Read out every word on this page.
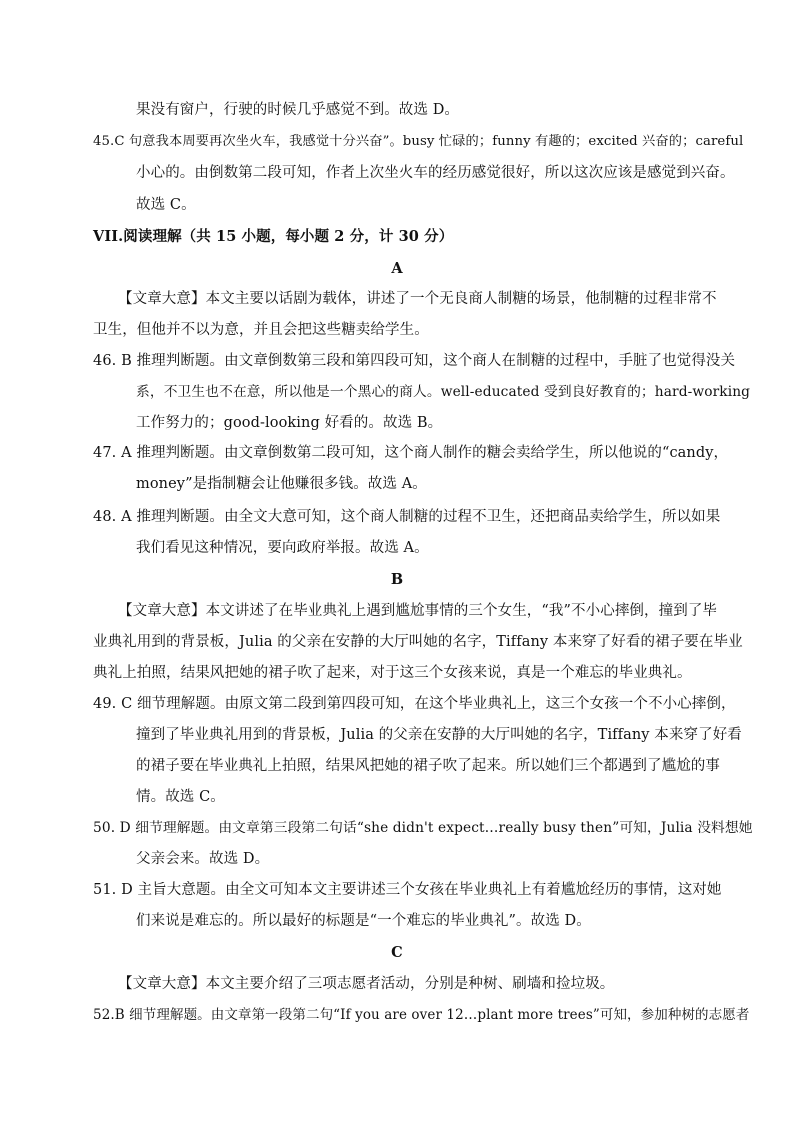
果没有窗户，行驶的时候几乎感觉不到。故选 D。
45.C 句意我本周要再次坐火车，我感觉十分兴奋”。busy 忙碌的；funny 有趣的；excited 兴奋的；careful
小心的。由倒数第二段可知，作者上次坐火车的经历感觉很好，所以这次应该是感觉到兴奋。
故选 C。
VII.阅读理解（共 15 小题，每小题 2 分，计 30 分）
A
【文章大意】本文主要以话剧为载体，讲述了一个无良商人制糖的场景，他制糖的过程非常不
卫生，但他并不以为意，并且会把这些糖卖给学生。
46. B 推理判断题。由文章倒数第三段和第四段可知，这个商人在制糖的过程中，手脏了也觉得没关
系，不卫生也不在意，所以他是一个黑心的商人。well-educated 受到良好教育的；hard-working
工作努力的；good-looking 好看的。故选 B。
47. A 推理判断题。由文章倒数第二段可知，这个商人制作的糖会卖给学生，所以他说的“candy，
money”是指制糖会让他赚很多钱。故选 A。
48. A 推理判断题。由全文大意可知，这个商人制糖的过程不卫生，还把商品卖给学生，所以如果
我们看见这种情况，要向政府举报。故选 A。
B
【文章大意】本文讲述了在毕业典礼上遇到尴尬事情的三个女生，“我”不小心摔倒，撞到了毕
业典礼用到的背景板，Julia 的父亲在安静的大厅叫她的名字，Tiffany 本来穿了好看的裙子要在毕业
典礼上拍照，结果风把她的裙子吹了起来，对于这三个女孩来说，真是一个难忘的毕业典礼。
49. C 细节理解题。由原文第二段到第四段可知，在这个毕业典礼上，这三个女孩一个不小心摔倒，
撞到了毕业典礼用到的背景板，Julia 的父亲在安静的大厅叫她的名字，Tiffany 本来穿了好看
的裙子要在毕业典礼上拍照，结果风把她的裙子吹了起来。所以她们三个都遇到了尴尬的事
情。故选 C。
50. D 细节理解题。由文章第三段第二句话“she didn't expect…really busy then”可知，Julia 没料想她
父亲会来。故选 D。
51. D 主旨大意题。由全文可知本文主要讲述三个女孩在毕业典礼上有着尴尬经历的事情，这对她
们来说是难忘的。所以最好的标题是“一个难忘的毕业典礼”。故选 D。
C
【文章大意】本文主要介绍了三项志愿者活动，分别是种树、刷墙和捡垃圾。
52.B 细节理解题。由文章第一段第二句“If you are over 12…plant more trees”可知，参加种树的志愿者
